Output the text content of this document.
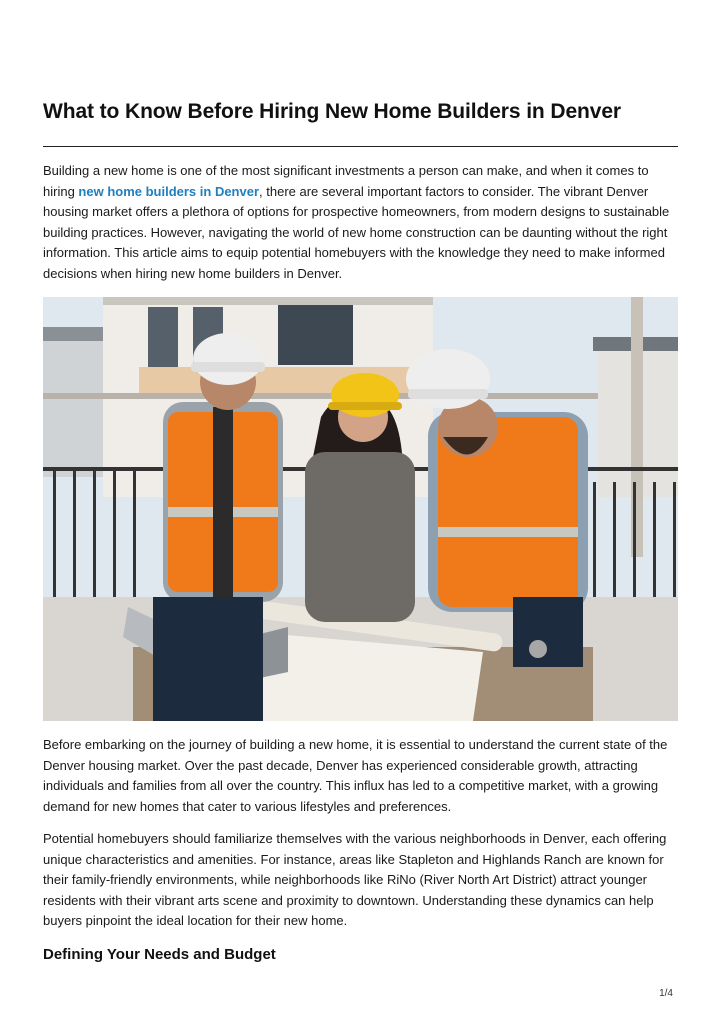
What to Know Before Hiring New Home Builders in Denver

Building a new home is one of the most significant investments a person can make, and when it comes to hiring new home builders in Denver, there are several important factors to consider. The vibrant Denver housing market offers a plethora of options for prospective homeowners, from modern designs to sustainable building practices. However, navigating the world of new home construction can be daunting without the right information. This article aims to equip potential homebuyers with the knowledge they need to make informed decisions when hiring new home builders in Denver.

Before embarking on the journey of building a new home, it is essential to understand the current state of the Denver housing market. Over the past decade, Denver has experienced considerable growth, attracting individuals and families from all over the country. This influx has led to a competitive market, with a growing demand for new homes that cater to various lifestyles and preferences.

Potential homebuyers should familiarize themselves with the various neighborhoods in Denver, each offering unique characteristics and amenities. For instance, areas like Stapleton and Highlands Ranch are known for their family-friendly environments, while neighborhoods like RiNo (River North Art District) attract younger residents with their vibrant arts scene and proximity to downtown. Understanding these dynamics can help buyers pinpoint the ideal location for their new home.

Defining Your Needs and Budget
1/4
